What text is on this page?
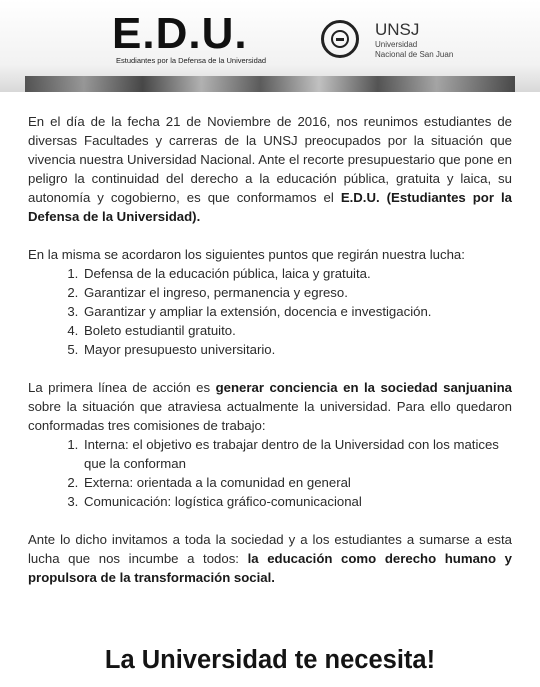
E.D.U.
Estudiantes por la Defensa de la Universidad
UNSJ
Universidad
Nacional de San Juan

En el día de la fecha 21 de Noviembre de 2016, nos reunimos estudiantes de diversas Facultades y carreras de la UNSJ preocupados por la situación que vivencia nuestra Universidad Nacional. Ante el recorte presupuestario que pone en peligro la continuidad del derecho a la educación pública, gratuita y laica, su autonomía y cogobierno, es que conformamos el E.D.U. (Estudiantes por la Defensa de la Universidad).

En la misma se acordaron los siguientes puntos que regirán nuestra lucha:

1. Defensa de la educación pública, laica y gratuita.
2. Garantizar el ingreso, permanencia y egreso.
3. Garantizar y ampliar la extensión, docencia e investigación.
4. Boleto estudiantil gratuito.
5. Mayor presupuesto universitario.

La primera línea de acción es generar conciencia en la sociedad sanjuanina sobre la situación que atraviesa actualmente la universidad. Para ello quedaron conformadas tres comisiones de trabajo:

1. Interna: el objetivo es trabajar dentro de la Universidad con los matices que la conforman
2. Externa: orientada a la comunidad en general
3. Comunicación: logística gráfico-comunicacional

Ante lo dicho invitamos a toda la sociedad y a los estudiantes a sumarse a esta lucha que nos incumbe a todos: la educación como derecho humano y propulsora de la transformación social.

La Universidad te necesita!
